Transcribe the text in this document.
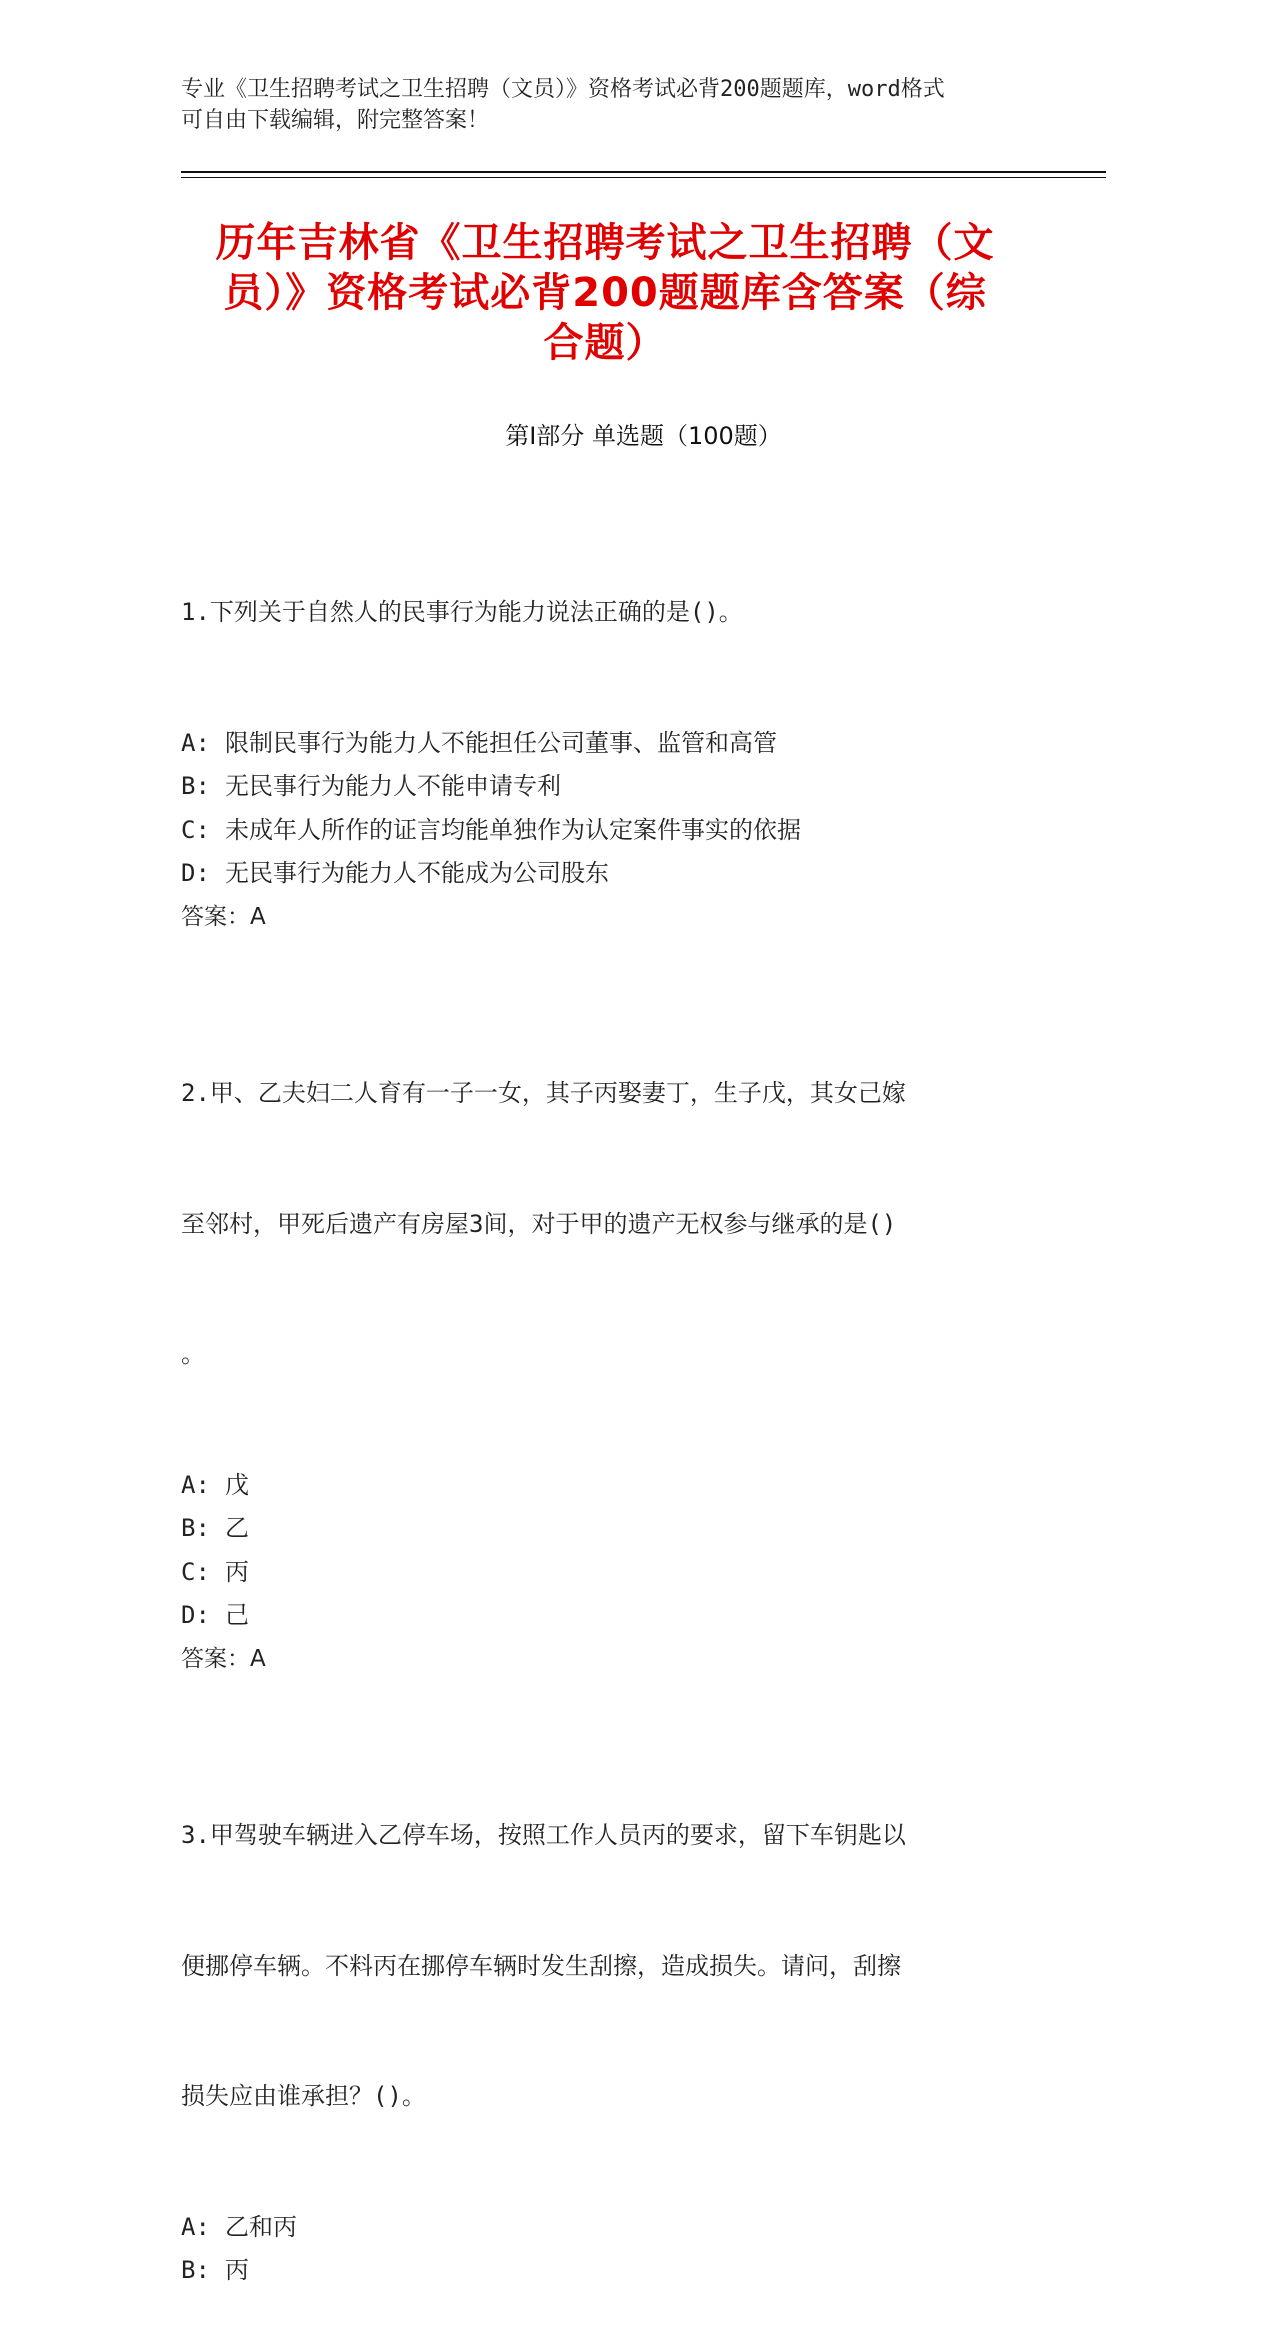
专业《卫生招聘考试之卫生招聘（文员）》资格考试必背200题题库，word格式
可自由下载编辑，附完整答案！
历年吉林省《卫生招聘考试之卫生招聘（文
员）》资格考试必背200题题库含答案（综
合题）
第Ⅰ部分 单选题（100题）

1.下列关于自然人的民事行为能力说法正确的是()。

A: 限制民事行为能力人不能担任公司董事、监管和高管
B: 无民事行为能力人不能申请专利
C: 未成年人所作的证言均能单独作为认定案件事实的依据
D: 无民事行为能力人不能成为公司股东
答案：A

2.甲、乙夫妇二人育有一子一女，其子丙娶妻丁，生子戊，其女己嫁

至邻村，甲死后遗产有房屋3间，对于甲的遗产无权参与继承的是()

。

A: 戊
B: 乙
C: 丙
D: 己
答案：A

3.甲驾驶车辆进入乙停车场，按照工作人员丙的要求，留下车钥匙以

便挪停车辆。不料丙在挪停车辆时发生刮擦，造成损失。请问，刮擦

损失应由谁承担？()。

A: 乙和丙
B: 丙
